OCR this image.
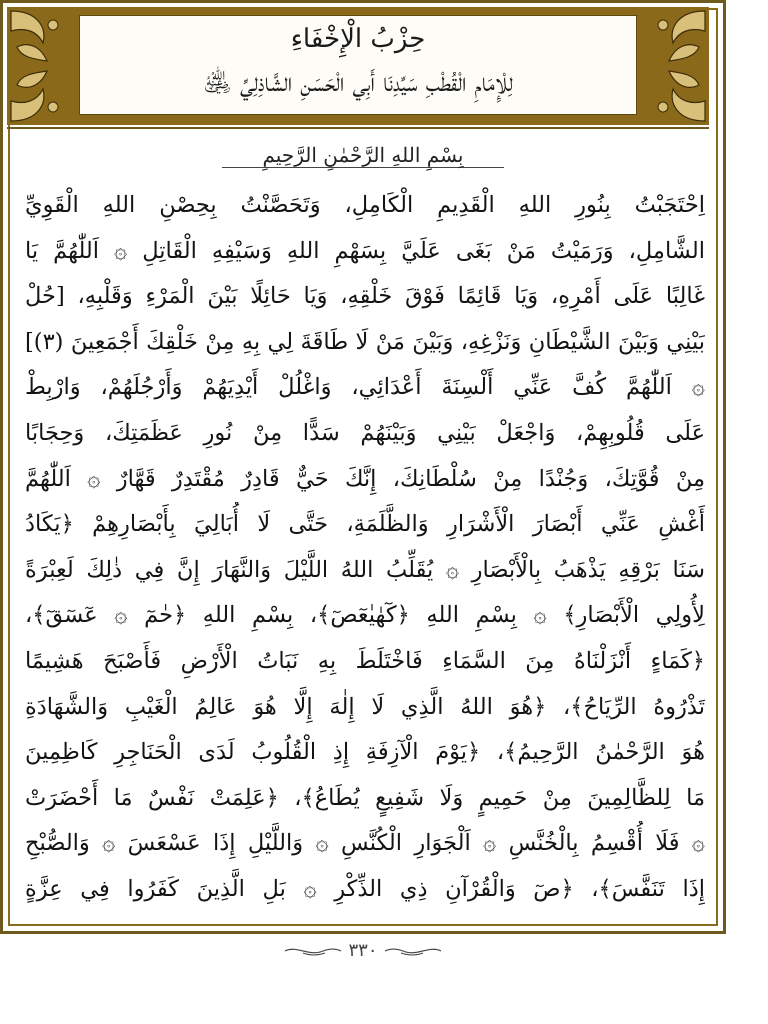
حِزْبُ الْإِخْفَاءِ
لِلْإِمَامِ الْقُطْبِ سَيِّدِنَا أَبِي الْحَسَنِ الشَّاذِلِيِّ ﵁
بِسْمِ اللهِ الرَّحْمٰنِ الرَّحِيمِ
اِحْتَجَبْتُ بِنُورِ اللهِ الْقَدِيمِ الْكَامِلِ، وَتَحَصَّنْتُ بِحِصْنِ اللهِ الْقَوِيِّ
الشَّامِلِ، وَرَمَيْتُ مَنْ بَغَى عَلَيَّ بِسَهْمِ اللهِ وَسَيْفِهِ الْقَاتِلِ ۞ اَللّٰهُمَّ يَا
غَالِبًا عَلَى أَمْرِهِ، وَيَا قَائِمًا فَوْقَ خَلْقِهِ، وَيَا حَائِلًا بَيْنَ الْمَرْءِ وَقَلْبِهِ، [حُلْ
بَيْنِي وَبَيْنَ الشَّيْطَانِ وَنَزْغِهِ، وَبَيْنَ مَنْ لَا طَاقَةَ لِي بِهِ مِنْ خَلْقِكَ أَجْمَعِينَ (٣)]
۞ اَللّٰهُمَّ كُفَّ عَنِّي أَلْسِنَةَ أَعْدَائِي، وَاغْلُلْ أَيْدِيَهُمْ وَأَرْجُلَهُمْ، وَارْبِطْ
عَلَى قُلُوبِهِمْ، وَاجْعَلْ بَيْنِي وَبَيْنَهُمْ سَدًّا مِنْ نُورِ عَظَمَتِكَ، وَحِجَابًا
مِنْ قُوَّتِكَ، وَجُنْدًا مِنْ سُلْطَانِكَ، إِنَّكَ حَيٌّ قَادِرٌ مُقْتَدِرٌ قَهَّارٌ ۞ اَللّٰهُمَّ
أَغْشِ عَنِّي أَبْصَارَ الْأَشْرَارِ وَالظَّلَمَةِ، حَتَّى لَا أُبَالِيَ بِأَبْصَارِهِمْ ﴿يَكَادُ
سَنَا بَرْقِهِ يَذْهَبُ بِالْأَبْصَارِ ۞ يُقَلِّبُ اللهُ اللَّيْلَ وَالنَّهَارَ إِنَّ فِي ذٰلِكَ لَعِبْرَةً
لِأُولِي الْأَبْصَارِ﴾ ۞ بِسْمِ اللهِ ﴿كٓهٰيٰعٓصٓ﴾، بِسْمِ اللهِ ﴿حٰمٓ ۞ عٓسٓقٓ﴾،
﴿كَمَاءٍ أَنْزَلْنَاهُ مِنَ السَّمَاءِ فَاخْتَلَطَ بِهِ نَبَاتُ الْأَرْضِ فَأَصْبَحَ هَشِيمًا
تَذْرُوهُ الرِّيَاحُ﴾، ﴿هُوَ اللهُ الَّذِي لَا إِلٰهَ إِلَّا هُوَ عَالِمُ الْغَيْبِ وَالشَّهَادَةِ
هُوَ الرَّحْمٰنُ الرَّحِيمُ﴾، ﴿يَوْمَ الْآزِفَةِ إِذِ الْقُلُوبُ لَدَى الْحَنَاجِرِ كَاظِمِينَ
مَا لِلظَّالِمِينَ مِنْ حَمِيمٍ وَلَا شَفِيعٍ يُطَاعُ﴾، ﴿عَلِمَتْ نَفْسٌ مَا أَحْضَرَتْ
۞ فَلَا أُقْسِمُ بِالْخُنَّسِ ۞ اَلْجَوَارِ الْكُنَّسِ ۞ وَاللَّيْلِ إِذَا عَسْعَسَ ۞ وَالصُّبْحِ
إِذَا تَنَفَّسَ﴾، ﴿صٓ وَالْقُرْآنِ ذِي الذِّكْرِ ۞ بَلِ الَّذِينَ كَفَرُوا فِي عِزَّةٍ
٣٣٠
